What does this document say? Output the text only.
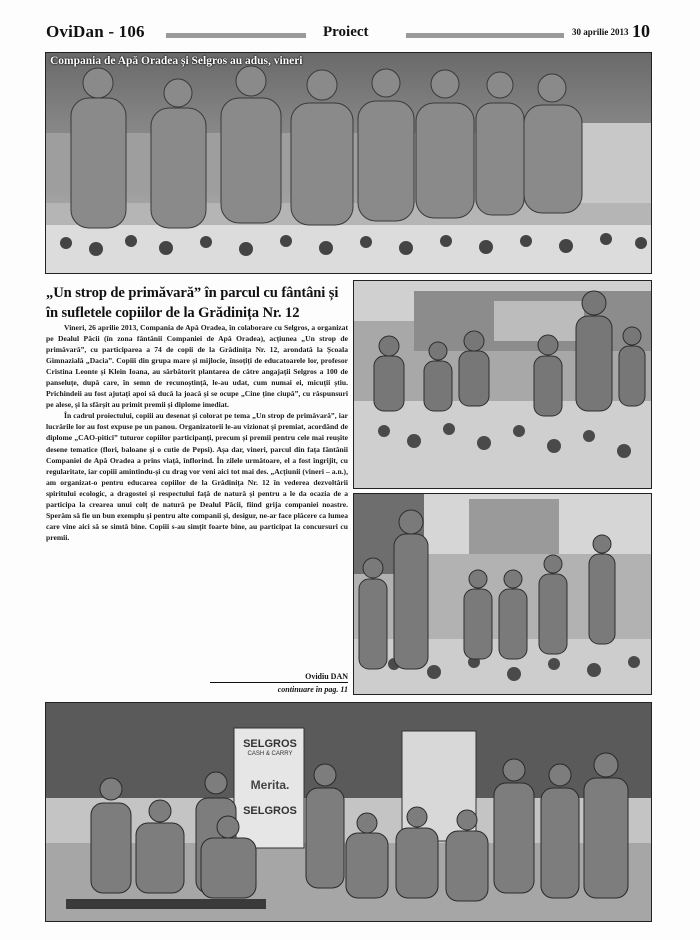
OviDan - 106	Proiect	30 aprilie 2013 10
Compania de Apă Oradea și Selgros au adus, vineri
„Un strop de primăvară” în parcul cu fântâni și în sufletele copiilor de la Grădinița Nr. 12

Vineri, 26 aprilie 2013, Compania de Apă Oradea, în colaborare cu Selgros, a organizat pe Dealul Păcii (în zona fântânii Companiei de Apă Oradea), acțiunea „Un strop de primăvară”, cu participarea a 74 de copii de la Grădinița Nr. 12, arondată la Școala Gimnazială „Dacia”. Copiii din grupa mare și mijlocie, însoțiți de educatoarele lor, profesor Cristina Leonte și Klein Ioana, au sărbătorit plantarea de către angajații Selgros a 100 de panseluțe, după care, în semn de recunoștință, le-au udat, cum numai ei, micuții știu. Prichindeii au fost ajutați apoi să ducă la joacă și se ocupe „Cine ține ciupă”, cu răspunsuri pe alese, și la sfârșit au primit premii și diplome imediat.

În cadrul proiectului, copiii au desenat și colorat pe tema „Un strop de primăvară”, iar lucrările lor au fost expuse pe un panou. Organizatorii le-au vizionat și premiat, acordând de diplome „CAO-pitici” tuturor copiilor participanți, precum și premii pentru cele mai reușite desene tematice (flori, baloane și o cutie de Pepsi). Așa dar, vineri, parcul din fața fântânii Companiei de Apă Oradea a prins viață, înflorind. În zilele următoare, el a fost îngrijit, cu regularitate, iar copiii amintindu-și cu drag vor veni aici tot mai des. „Acțiunii (vineri – a.n.), am organizat-o pentru educarea copiilor de la Grădinița Nr. 12 în vederea dezvoltării spiritului ecologic, a dragostei și respectului față de natură și pentru a le da ocazia de a participa la crearea unui colț de natură pe Dealul Păcii, fiind grija companiei noastre. Sperăm să fie un bun exemplu și pentru alte companii și, desigur, ne-ar face plăcere ca lumea care vine aici să se simtă bine. Copiii s-au simțit foarte bine, au participat la concursuri cu premii.

Ovidiu DAN
continuare în pag. 11
SELGROS
CASH & CARRY
Merita.
SELGROS
